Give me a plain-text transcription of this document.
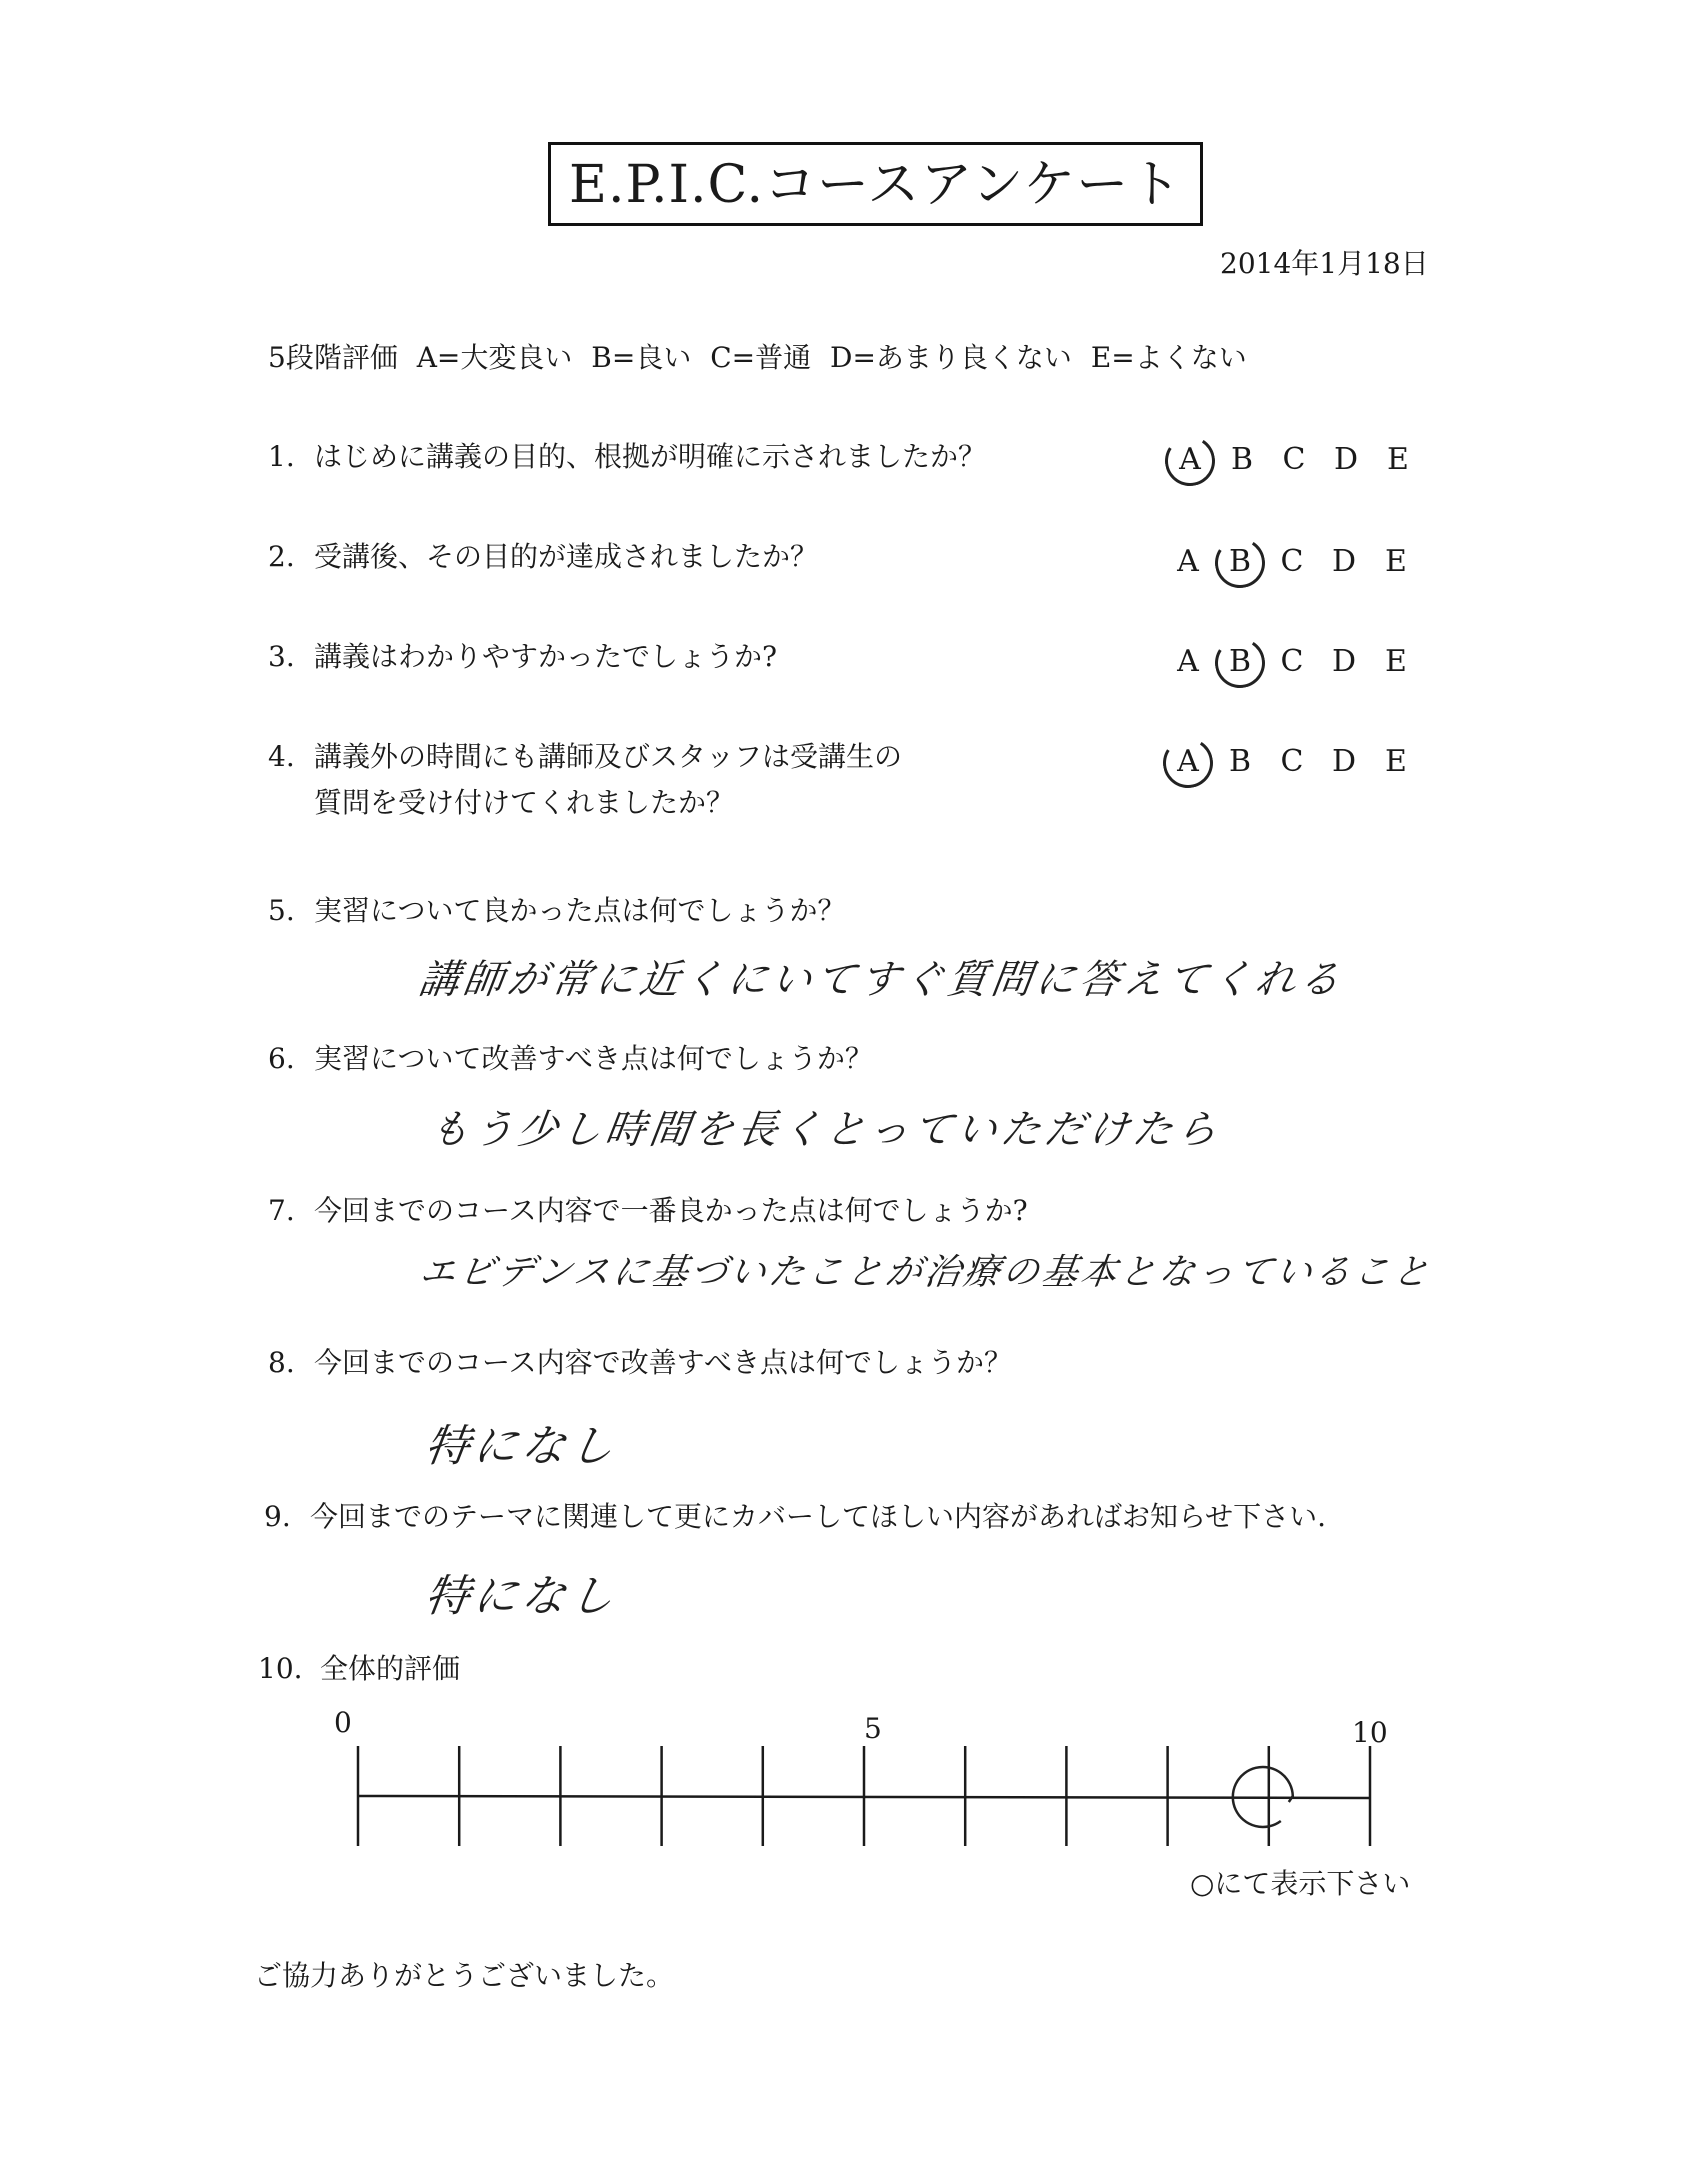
E.P.I.C.コースアンケート
2014年1月18日
5段階評価 A=大変良い B=良い C=普通 D=あまり良くない E=よくない
1. はじめに講義の目的、根拠が明確に示されましたか？	A	B C D E
2. 受講後、その目的が達成されましたか？	A	B C D E
3. 講義はわかりやすかったでしょうか?	A	B C D E
4. 講義外の時間にも講師及びスタッフは受講生の
質問を受け付けてくれましたか？
A	B C D E
5. 実習について良かった点は何でしょうか？
講師が常に近くにいてすぐ質問に答えてくれる
6. 実習について改善すべき点は何でしょうか？
もう少し時間を長くとっていただけたら
7. 今回までのコース内容で一番良かった点は何でしょうか?
エビデンスに基づいたことが治療の基本となっていること
8. 今回までのコース内容で改善すべき点は何でしょうか？
特になし
9. 今回までのテーマに関連して更にカバーしてほしい内容があればお知らせ下さい.
特になし
10. 全体的評価
0	5	10
○にて表示下さい
ご協力ありがとうございました。
